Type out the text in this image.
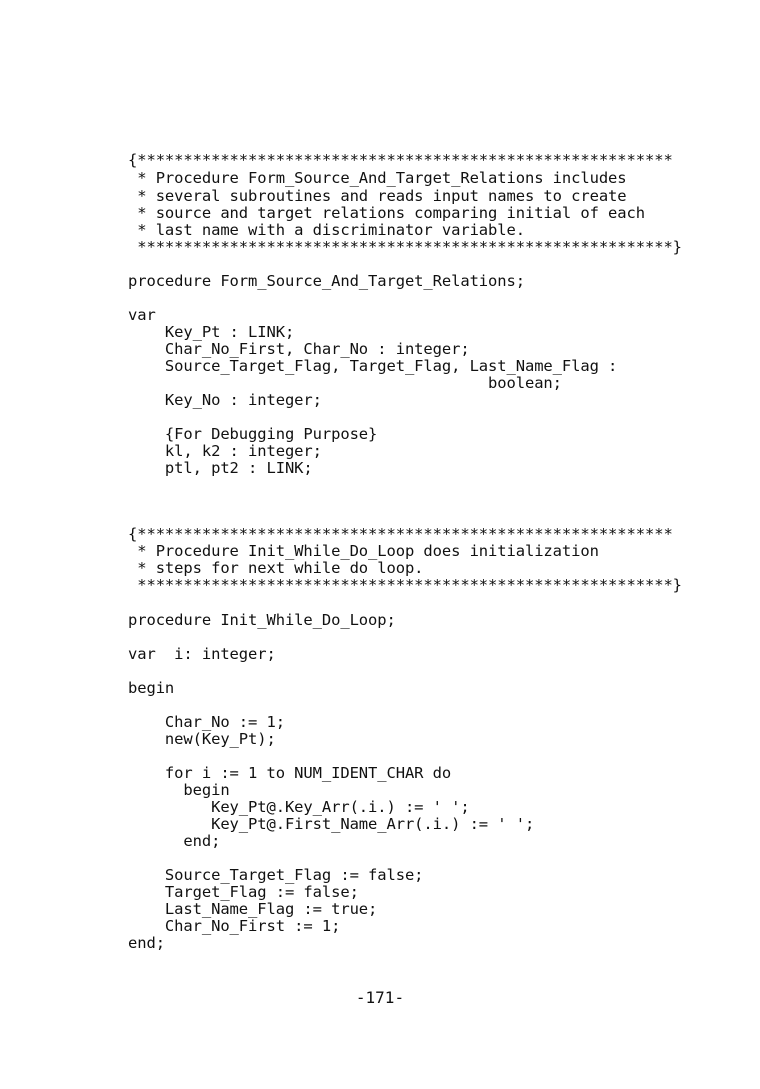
{**********************************************************
* Procedure Form_Source_And_Target_Relations includes
* several subroutines and reads input names to create
* source and target relations comparing initial of each
* last name with a discriminator variable.
**********************************************************}
procedure Form_Source_And_Target_Relations;
var
Key_Pt : LINK;
Char_No_First, Char_No : integer;
Source_Target_Flag, Target_Flag, Last_Name_Flag :
boolean;
Key_No : integer;
{For Debugging Purpose}
kl, k2 : integer;
ptl, pt2 : LINK;
{**********************************************************
* Procedure Init_While_Do_Loop does initialization
* steps for next while do loop.
**********************************************************}
procedure Init_While_Do_Loop;
var  i: integer;
begin
Char_No := 1;
new(Key_Pt);
for i := 1 to NUM_IDENT_CHAR do
begin
Key_Pt@.Key_Arr(.i.) := ' ';
Key_Pt@.First_Name_Arr(.i.) := ' ';
end;
Source_Target_Flag := false;
Target_Flag := false;
Last_Name_Flag := true;
Char_No_First := 1;
end;
-171-
